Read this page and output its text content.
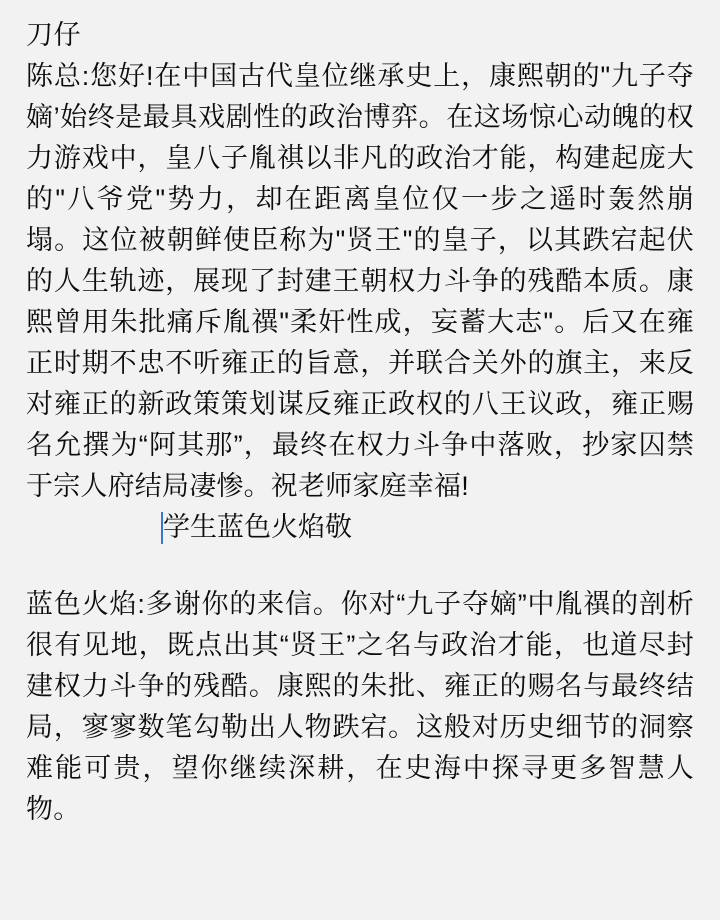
刀仔
陈总:您好!在中国古代皇位继承史上，康熙朝的"九子夺嫡’始终是最具戏剧性的政治博弈。在这场惊心动魄的权力游戏中，皇八子胤祺以非凡的政治才能，构建起庞大的"八爷党"势力，却在距离皇位仅一步之遥时轰然崩塌。这位被朝鲜使臣称为"贤王"的皇子，以其跌宕起伏的人生轨迹，展现了封建王朝权力斗争的残酷本质。康熙曾用朱批痛斥胤禩"柔奸性成，妄蓄大志"。后又在雍正时期不忠不听雍正的旨意，并联合关外的旗主，来反对雍正的新政策策划谋反雍正政权的八王议政，雍正赐名允撰为“阿其那”，最终在权力斗争中落败，抄家囚禁于宗人府结局凄惨。祝老师家庭幸福!

学生蓝色火焰敬
蓝色火焰:多谢你的来信。你对“九子夺嫡”中胤禩的剖析很有见地，既点出其“贤王”之名与政治才能，也道尽封建权力斗争的残酷。康熙的朱批、雍正的赐名与最终结局，寥寥数笔勾勒出人物跌宕。这般对历史细节的洞察难能可贵，望你继续深耕，在史海中探寻更多智慧人物。
